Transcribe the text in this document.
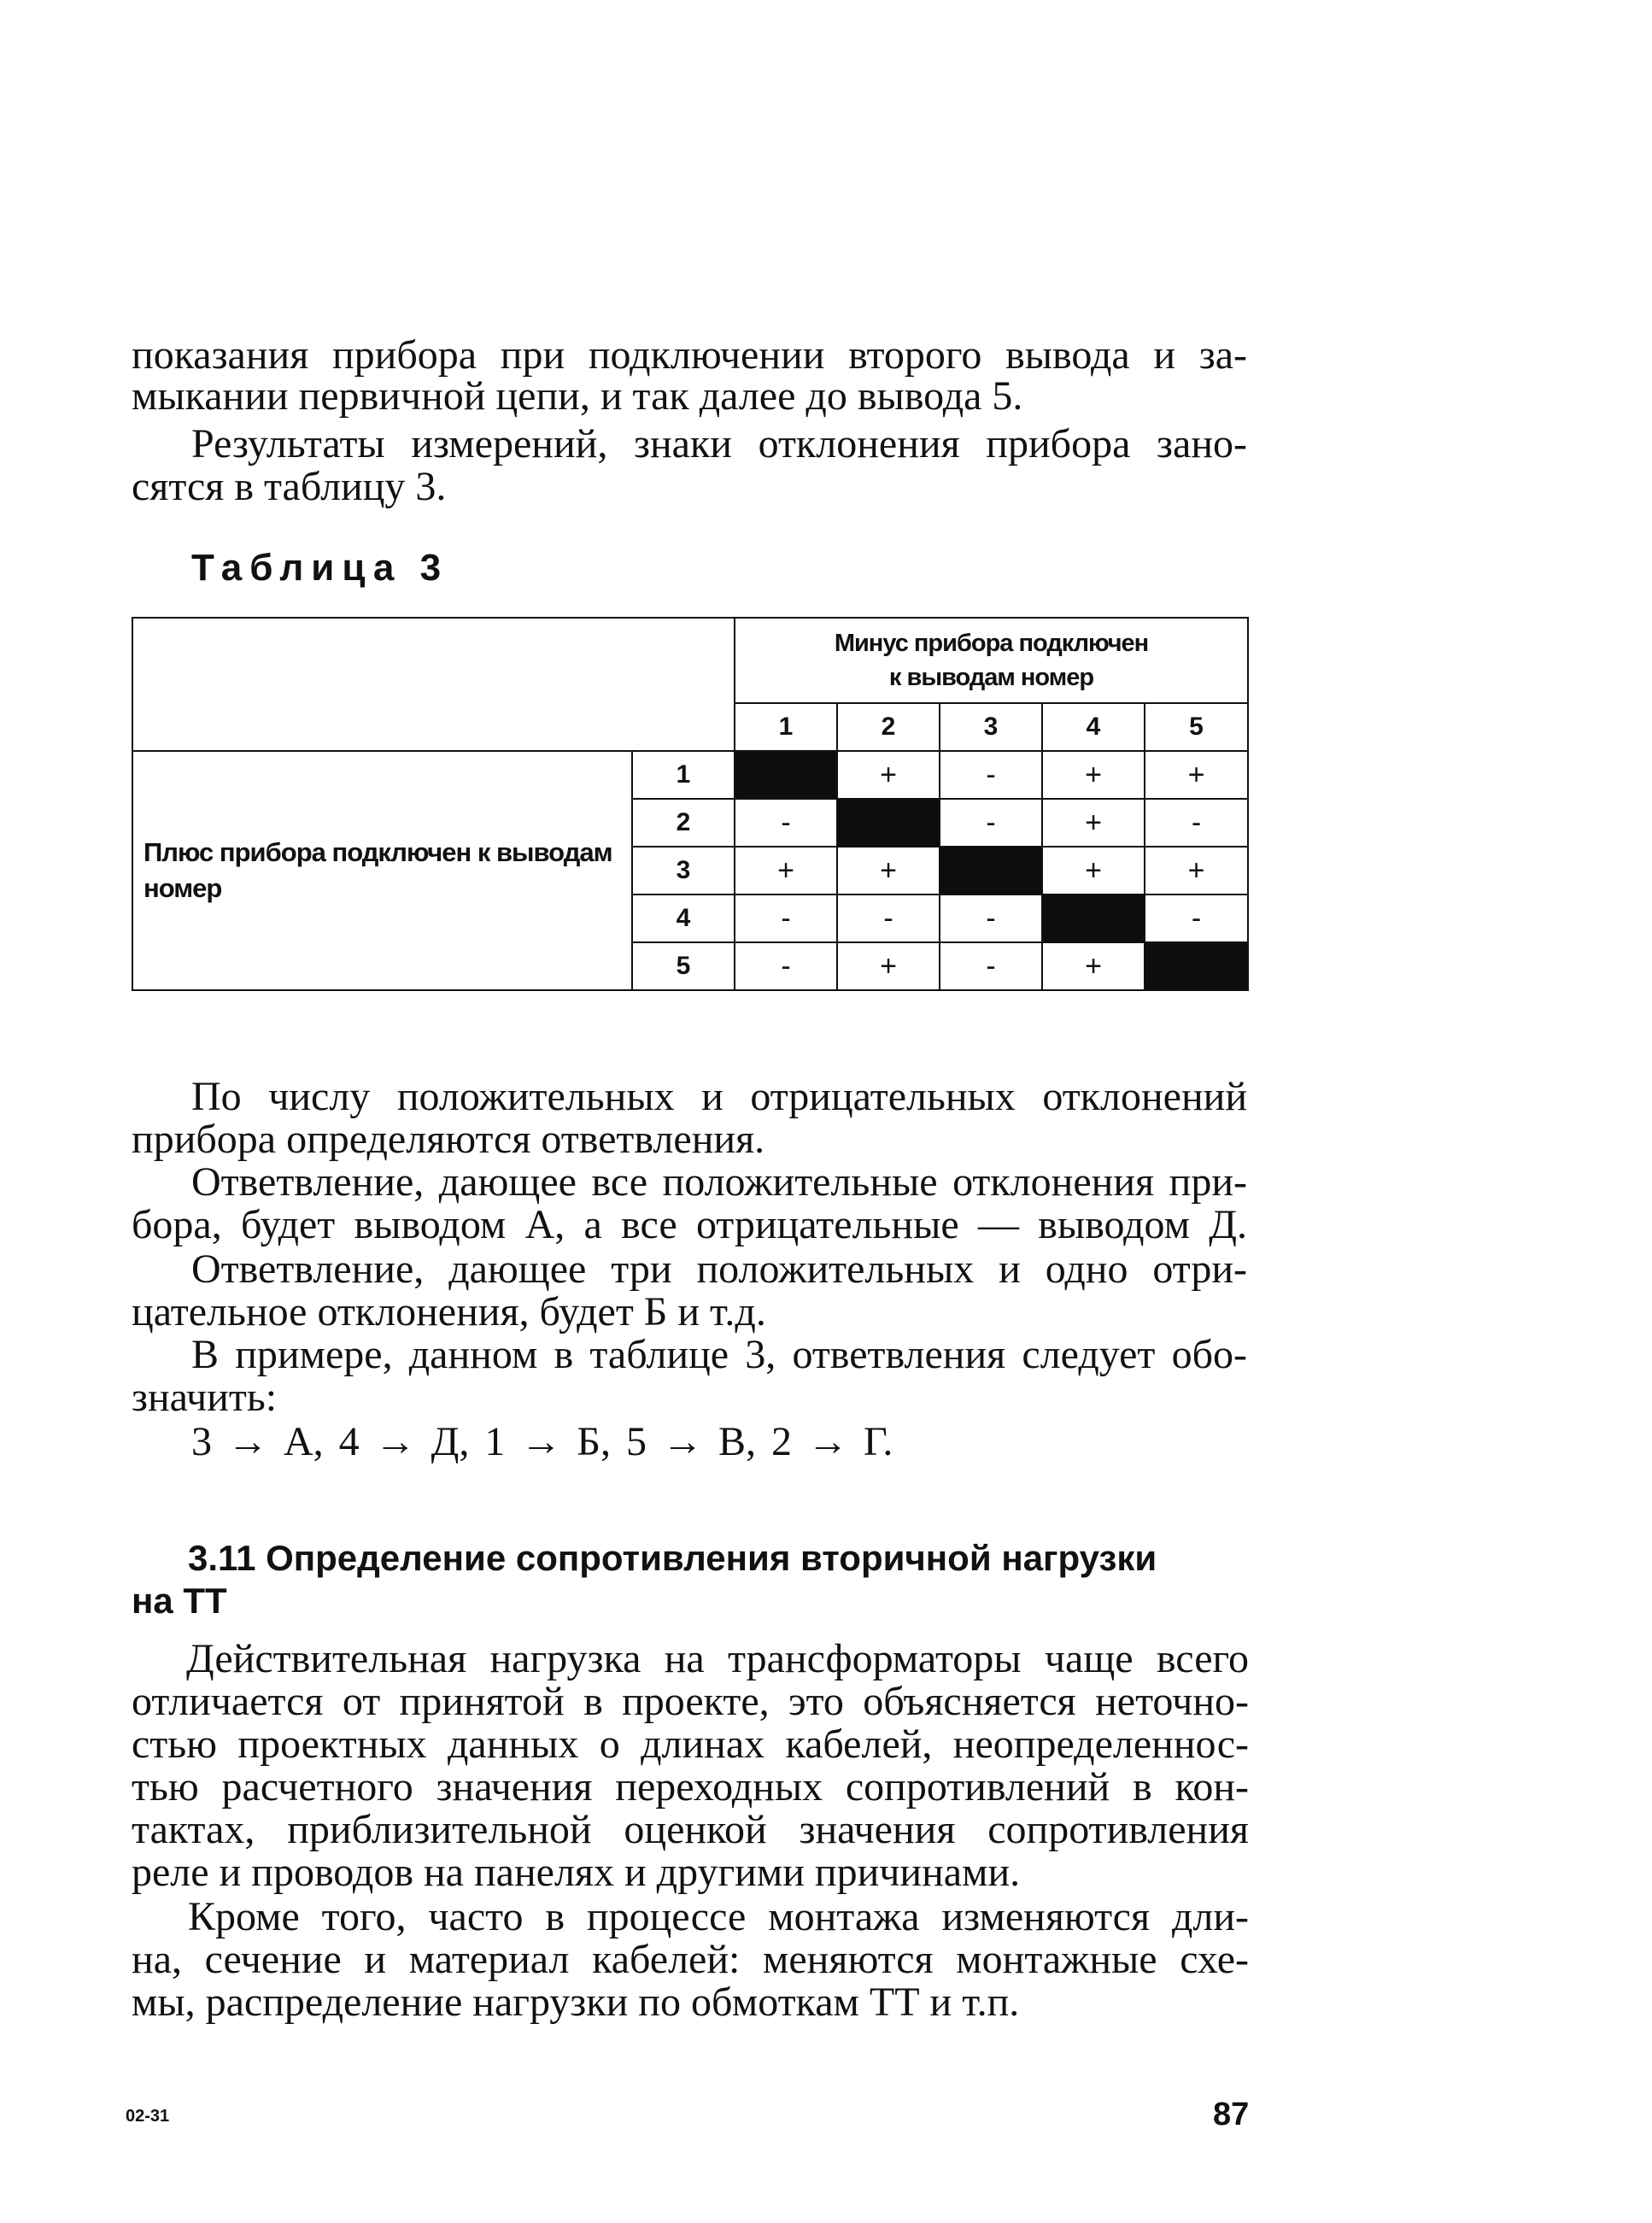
показания прибора при подключении второго вывода и за-
мыкании первичной цепи, и так далее до вывода 5.
Результаты измерений, знаки отклонения прибора зано-
сятся в таблицу 3.
Таблица 3

		Минус прибора подключен
к выводам номер				

		1	2	3	4	5

Плюс прибора подключен к выводам
номер	1		+	-	+	+
	2	-		-	+	-
	3	+	+		+	+
	4	-	-	-		-
	5	-	+	-	+	
По числу положительных и отрицательных отклонений
прибора определяются ответвления.
Ответвление, дающее все положительные отклонения при-
бора, будет выводом А, а все отрицательные — выводом Д.
Ответвление, дающее три положительных и одно отри-
цательное отклонения, будет Б и т.д.
В примере, данном в таблице 3, ответвления следует обо-
значить:
3 → А, 4 → Д, 1 → Б, 5 → В, 2 → Г.
3.11 Определение сопротивления вторичной нагрузки
на ТТ
Действительная нагрузка на трансформаторы чаще всего
отличается от принятой в проекте, это объясняется неточно-
стью проектных данных о длинах кабелей, неопределеннос-
тью расчетного значения переходных сопротивлений в кон-
тактах, приблизительной оценкой значения сопротивления
реле и проводов на панелях и другими причинами.
Кроме того, часто в процессе монтажа изменяются дли-
на, сечение и материал кабелей: меняются монтажные схе-
мы, распределение нагрузки по обмоткам ТТ и т.п.
02-31	87
